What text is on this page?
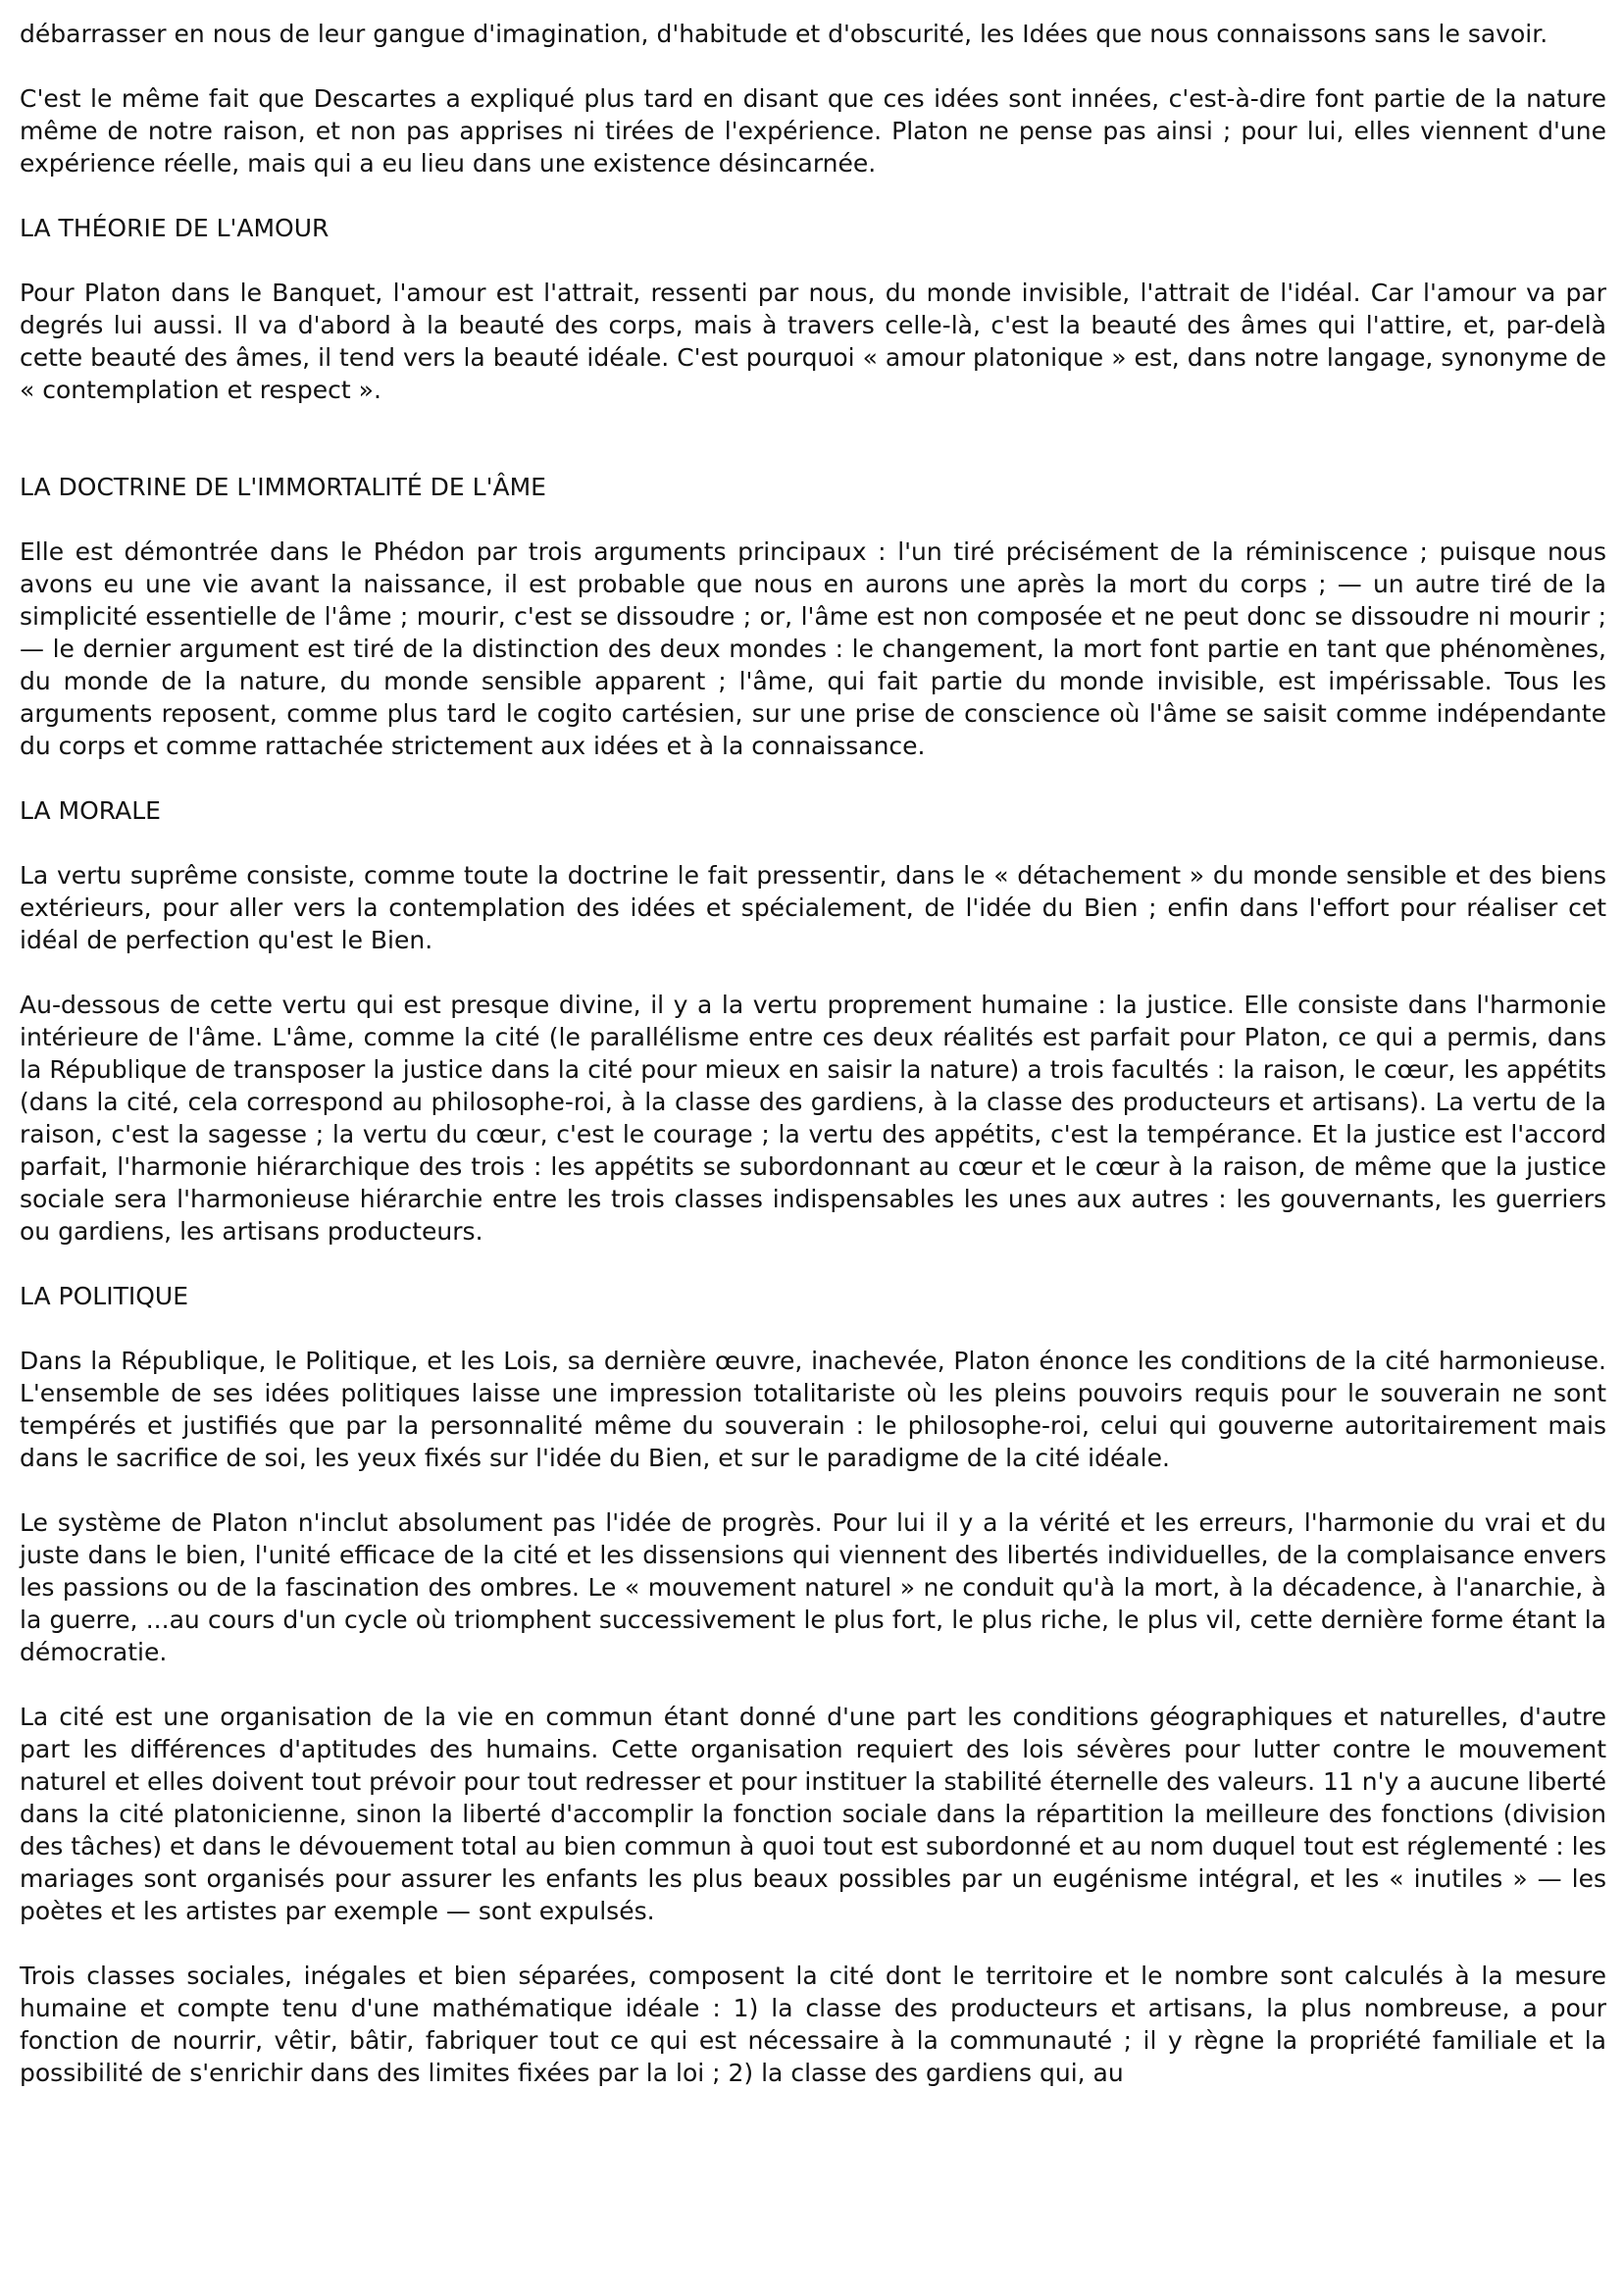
débarrasser en nous de leur gangue d'imagination, d'habitude et d'obscurité, les Idées que nous connaissons sans le savoir.

C'est le même fait que Descartes a expliqué plus tard en disant que ces idées sont innées, c'est-à-dire font partie de la nature même de notre raison, et non pas apprises ni tirées de l'expérience. Platon ne pense pas ainsi ; pour lui, elles viennent d'une expérience réelle, mais qui a eu lieu dans une existence désincarnée.

LA THÉORIE DE L'AMOUR

Pour Platon dans le Banquet, l'amour est l'attrait, ressenti par nous, du monde invisible, l'attrait de l'idéal. Car l'amour va par degrés lui aussi. Il va d'abord à la beauté des corps, mais à travers celle-là, c'est la beauté des âmes qui l'attire, et, par-delà cette beauté des âmes, il tend vers la beauté idéale. C'est pourquoi « amour platonique » est, dans notre langage, synonyme de « contemplation et respect ».

LA DOCTRINE DE L'IMMORTALITÉ DE L'ÂME

Elle est démontrée dans le Phédon par trois arguments principaux : l'un tiré précisément de la réminiscence ; puisque nous avons eu une vie avant la naissance, il est probable que nous en aurons une après la mort du corps ; — un autre tiré de la simplicité essentielle de l'âme ; mourir, c'est se dissoudre ; or, l'âme est non composée et ne peut donc se dissoudre ni mourir ; — le dernier argument est tiré de la distinction des deux mondes : le changement, la mort font partie en tant que phénomènes, du monde de la nature, du monde sensible apparent ; l'âme, qui fait partie du monde invisible, est impérissable. Tous les arguments reposent, comme plus tard le cogito cartésien, sur une prise de conscience où l'âme se saisit comme indépendante du corps et comme rattachée strictement aux idées et à la connaissance.

LA MORALE

La vertu suprême consiste, comme toute la doctrine le fait pressentir, dans le « détachement » du monde sensible et des biens extérieurs, pour aller vers la contemplation des idées et spécialement, de l'idée du Bien ; enfin dans l'effort pour réaliser cet idéal de perfection qu'est le Bien.

Au-dessous de cette vertu qui est presque divine, il y a la vertu proprement humaine : la justice. Elle consiste dans l'harmonie intérieure de l'âme. L'âme, comme la cité (le parallélisme entre ces deux réalités est parfait pour Platon, ce qui a permis, dans la République de transposer la justice dans la cité pour mieux en saisir la nature) a trois facultés : la raison, le cœur, les appétits (dans la cité, cela correspond au philosophe-roi, à la classe des gardiens, à la classe des producteurs et artisans). La vertu de la raison, c'est la sagesse ; la vertu du cœur, c'est le courage ; la vertu des appétits, c'est la tempérance. Et la justice est l'accord parfait, l'harmonie hiérarchique des trois : les appétits se subordonnant au cœur et le cœur à la raison, de même que la justice sociale sera l'harmonieuse hiérarchie entre les trois classes indispensables les unes aux autres : les gouvernants, les guerriers ou gardiens, les artisans producteurs.

LA POLITIQUE

Dans la République, le Politique, et les Lois, sa dernière œuvre, inachevée, Platon énonce les conditions de la cité harmonieuse. L'ensemble de ses idées politiques laisse une impression totalitariste où les pleins pouvoirs requis pour le souverain ne sont tempérés et justifiés que par la personnalité même du souverain : le philosophe-roi, celui qui gouverne autoritairement mais dans le sacrifice de soi, les yeux fixés sur l'idée du Bien, et sur le paradigme de la cité idéale.

Le système de Platon n'inclut absolument pas l'idée de progrès. Pour lui il y a la vérité et les erreurs, l'harmonie du vrai et du juste dans le bien, l'unité efficace de la cité et les dissensions qui viennent des libertés individuelles, de la complaisance envers les passions ou de la fascination des ombres. Le « mouvement naturel » ne conduit qu'à la mort, à la décadence, à l'anarchie, à la guerre, ...au cours d'un cycle où triomphent successivement le plus fort, le plus riche, le plus vil, cette dernière forme étant la démocratie.

La cité est une organisation de la vie en commun étant donné d'une part les conditions géographiques et naturelles, d'autre part les différences d'aptitudes des humains. Cette organisation requiert des lois sévères pour lutter contre le mouvement naturel et elles doivent tout prévoir pour tout redresser et pour instituer la stabilité éternelle des valeurs. 11 n'y a aucune liberté dans la cité platonicienne, sinon la liberté d'accomplir la fonction sociale dans la répartition la meilleure des fonctions (division des tâches) et dans le dévouement total au bien commun à quoi tout est subordonné et au nom duquel tout est réglementé : les mariages sont organisés pour assurer les enfants les plus beaux possibles par un eugénisme intégral, et les « inutiles » — les poètes et les artistes par exemple — sont expulsés.

Trois classes sociales, inégales et bien séparées, composent la cité dont le territoire et le nombre sont calculés à la mesure humaine et compte tenu d'une mathématique idéale : 1) la classe des producteurs et artisans, la plus nombreuse, a pour fonction de nourrir, vêtir, bâtir, fabriquer tout ce qui est nécessaire à la communauté ; il y règne la propriété familiale et la possibilité de s'enrichir dans des limites fixées par la loi ; 2) la classe des gardiens qui, au
